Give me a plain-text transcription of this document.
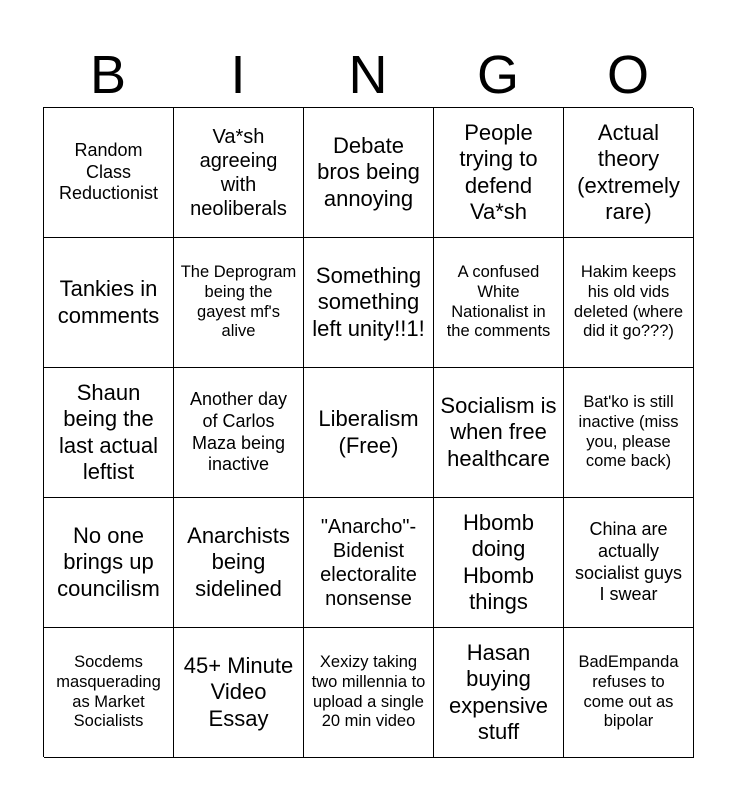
B	I	N	G	O
Random Class Reductionist
Va*sh agreeing with neoliberals
Debate bros being annoying
People trying to defend Va*sh
Actual theory (extremely rare)
Tankies in comments
The Deprogram being the gayest mf's alive
Something something left unity!!1!
A confused White Nationalist in the comments
Hakim keeps his old vids deleted (where did it go???)
Shaun being the last actual leftist
Another day of Carlos Maza being inactive
Liberalism (Free)
Socialism is when free healthcare
Bat'ko is still inactive (miss you, please come back)
No one brings up councilism
Anarchists being sidelined
"Anarcho"-Bidenist electoralite nonsense
Hbomb doing Hbomb things
China are actually socialist guys I swear
Socdems masquerading as Market Socialists
45+ Minute Video Essay
Xexizy taking two millennia to upload a single 20 min video
Hasan buying expensive stuff
BadEmpanda refuses to come out as bipolar
